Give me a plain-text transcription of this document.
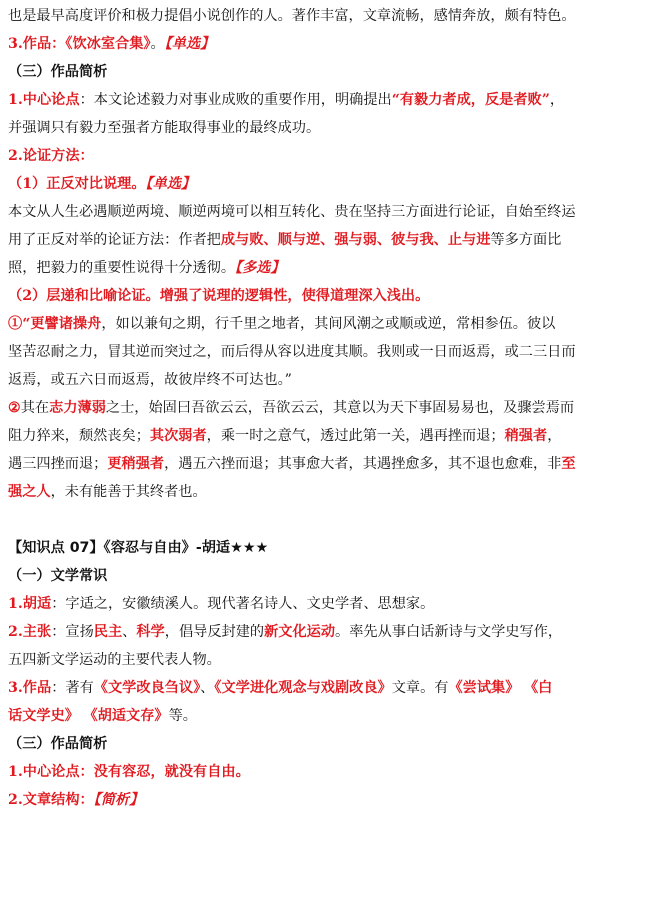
也是最早高度评价和极力提倡小说创作的人。著作丰富，文章流畅，感情奔放，颇有特色。
3.作品：《饮冰室合集》。【单选】
（三）作品简析
1.中心论点：本文论述毅力对事业成败的重要作用，明确提出“有毅力者成，反是者败”，
并强调只有毅力至强者方能取得事业的最终成功。
2.论证方法：
（1）正反对比说理。【单选】
本文从人生必遇顺逆两境、顺逆两境可以相互转化、贵在坚持三方面进行论证，自始至终运
用了正反对举的论证方法：作者把成与败、顺与逆、强与弱、彼与我、止与进等多方面比
照，把毅力的重要性说得十分透彻。【多选】
（2）层递和比喻论证。增强了说理的逻辑性，使得道理深入浅出。
①“更譬诸操舟，如以兼旬之期，行千里之地者，其间风潮之或顺或逆，常相参伍。彼以
坚苦忍耐之力，冒其逆而突过之，而后得从容以进度其顺。我则或一日而返焉，或二三日而
返焉，或五六日而返焉，故彼岸终不可达也。”
②其在志力薄弱之士，始固曰吾欲云云，吾欲云云，其意以为天下事固易易也，及骤尝焉而
阻力猝来，颓然丧矣；其次弱者，乘一时之意气，透过此第一关，遇再挫而退；稍强者，
遇三四挫而退；更稍强者，遇五六挫而退；其事愈大者，其遇挫愈多，其不退也愈难，非至
强之人，未有能善于其终者也。
【知识点 07】《容忍与自由》-胡适★★★
（一）文学常识
1.胡适：字适之，安徽绩溪人。现代著名诗人、文史学者、思想家。
2.主张：宣扬民主、科学，倡导反封建的新文化运动。率先从事白话新诗与文学史写作，
五四新文学运动的主要代表人物。
3.作品：著有《文学改良刍议》、《文学进化观念与戏剧改良》文章。有《尝试集》 《白
话文学史》 《胡适文存》等。
（三）作品简析
1.中心论点：没有容忍，就没有自由。
2.文章结构：【简析】
